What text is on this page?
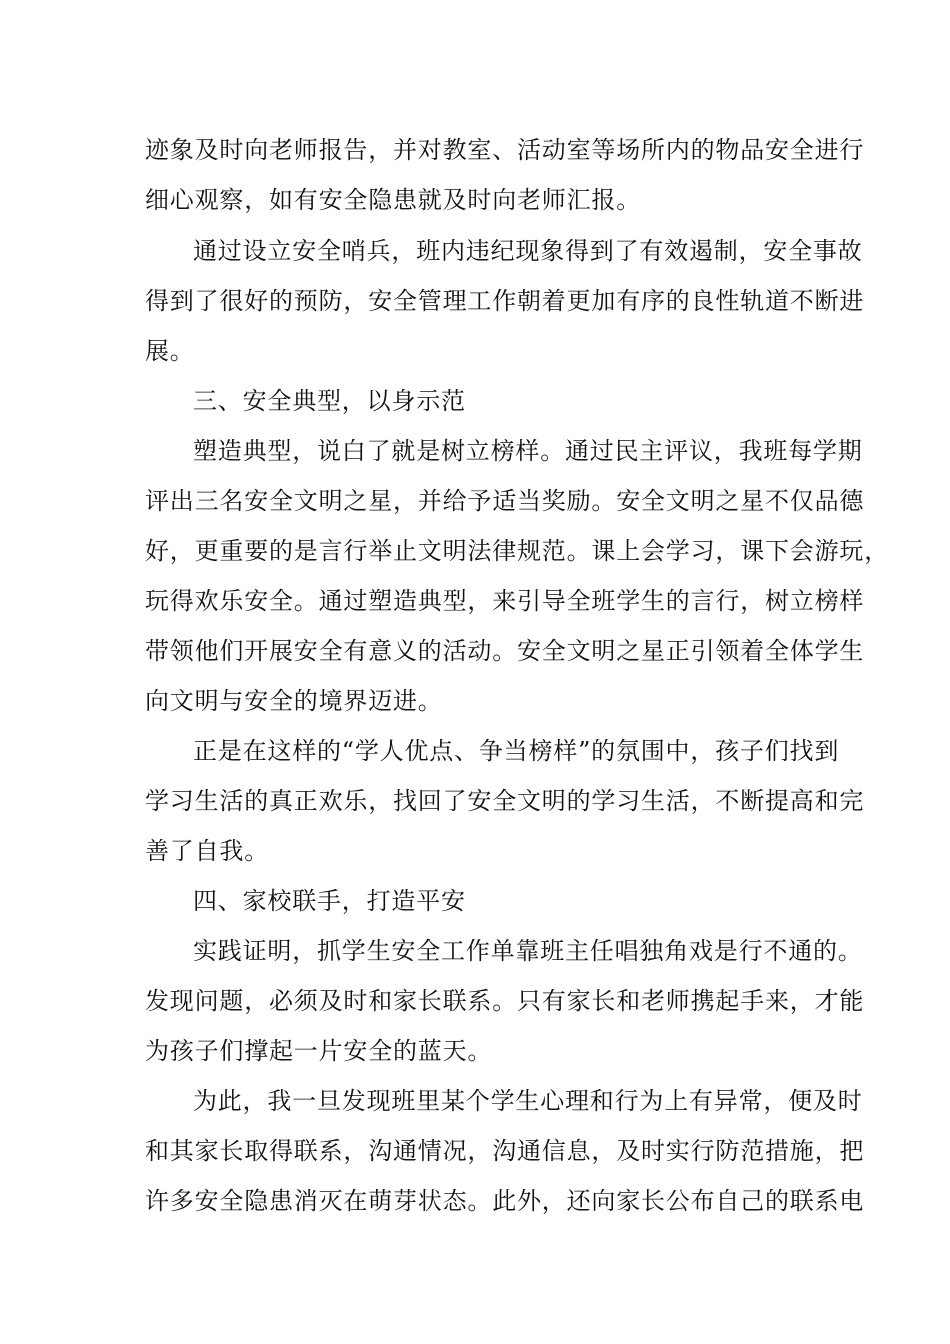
迹象及时向老师报告，并对教室、活动室等场所内的物品安全进行

细心观察，如有安全隐患就及时向老师汇报。

通过设立安全哨兵，班内违纪现象得到了有效遏制，安全事故

得到了很好的预防，安全管理工作朝着更加有序的良性轨道不断进

展。

三、安全典型，以身示范

塑造典型，说白了就是树立榜样。通过民主评议，我班每学期

评出三名安全文明之星，并给予适当奖励。安全文明之星不仅品德

好，更重要的是言行举止文明法律规范。课上会学习，课下会游玩，

玩得欢乐安全。通过塑造典型，来引导全班学生的言行，树立榜样

带领他们开展安全有意义的活动。安全文明之星正引领着全体学生

向文明与安全的境界迈进。

正是在这样的“学人优点、争当榜样”的氛围中，孩子们找到

学习生活的真正欢乐，找回了安全文明的学习生活，不断提高和完

善了自我。

四、家校联手，打造平安

实践证明，抓学生安全工作单靠班主任唱独角戏是行不通的。

发现问题，必须及时和家长联系。只有家长和老师携起手来，才能

为孩子们撑起一片安全的蓝天。

为此，我一旦发现班里某个学生心理和行为上有异常，便及时

和其家长取得联系，沟通情况，沟通信息，及时实行防范措施，把

许多安全隐患消灭在萌芽状态。此外，还向家长公布自己的联系电
